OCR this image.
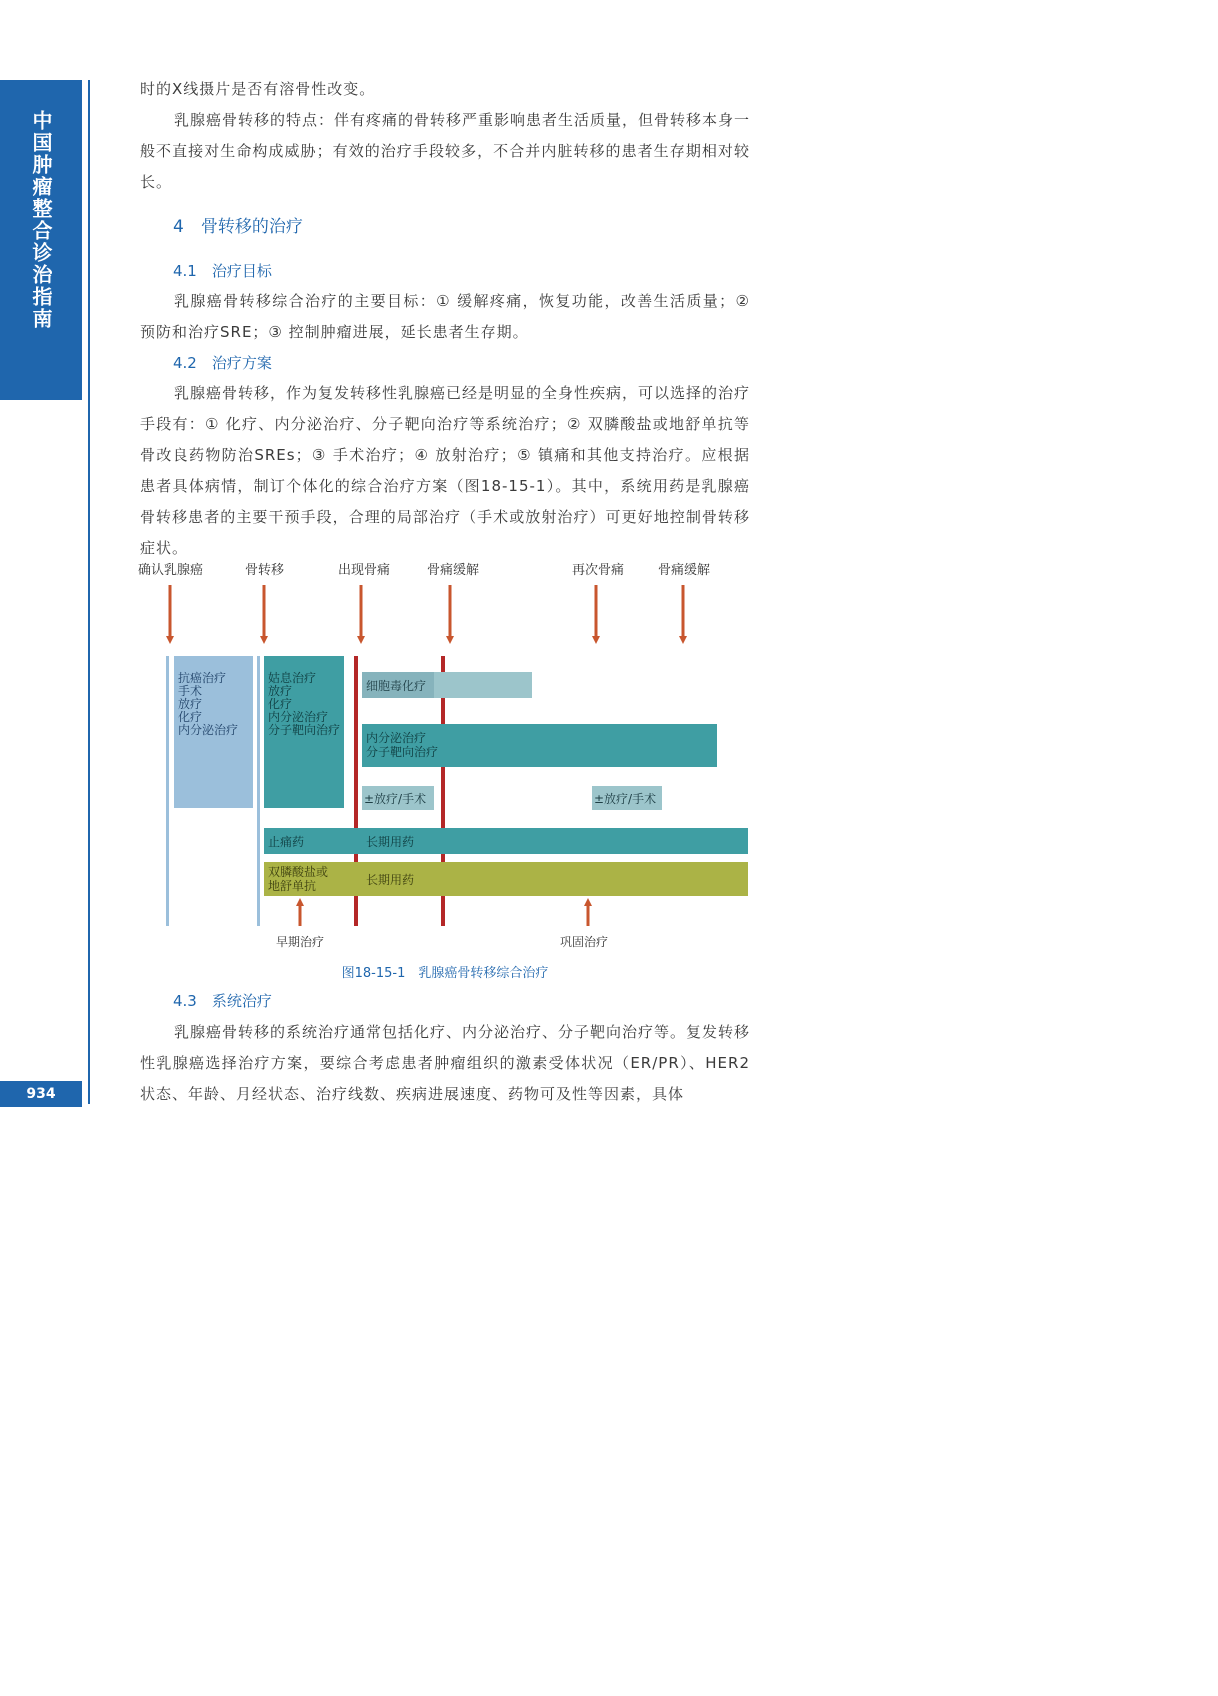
中国肿瘤整合诊治指南
934

时的X线摄片是否有溶骨性改变。

乳腺癌骨转移的特点：伴有疼痛的骨转移严重影响患者生活质量，但骨转移本身一般不直接对生命构成威胁；有效的治疗手段较多，不合并内脏转移的患者生存期相对较长。

4　骨转移的治疗

4.1　治疗目标

乳腺癌骨转移综合治疗的主要目标：① 缓解疼痛，恢复功能，改善生活质量；② 预防和治疗SRE；③ 控制肿瘤进展，延长患者生存期。

4.2　治疗方案

乳腺癌骨转移，作为复发转移性乳腺癌已经是明显的全身性疾病，可以选择的治疗手段有：① 化疗、内分泌治疗、分子靶向治疗等系统治疗；② 双膦酸盐或地舒单抗等骨改良药物防治SREs；③ 手术治疗；④ 放射治疗；⑤ 镇痛和其他支持治疗。应根据患者具体病情，制订个体化的综合治疗方案（图18-15-1）。其中，系统用药是乳腺癌骨转移患者的主要干预手段，合理的局部治疗（手术或放射治疗）可更好地控制骨转移症状。

确认乳腺癌	骨转移	出现骨痛	骨痛缓解	再次骨痛	骨痛缓解
抗癌治疗 手术 放疗 化疗 内分泌治疗
姑息治疗 放疗 化疗 内分泌治疗 分子靶向治疗
细胞毒化疗
内分泌治疗 分子靶向治疗
±放疗/手术	±放疗/手术
止痛药	长期用药
双膦酸盐或 地舒单抗	长期用药
早期治疗	巩固治疗

图18-15-1　乳腺癌骨转移综合治疗

4.3　系统治疗

乳腺癌骨转移的系统治疗通常包括化疗、内分泌治疗、分子靶向治疗等。复发转移性乳腺癌选择治疗方案，要综合考虑患者肿瘤组织的激素受体状况（ER/PR）、HER2状态、年龄、月经状态、治疗线数、疾病进展速度、药物可及性等因素，具体
